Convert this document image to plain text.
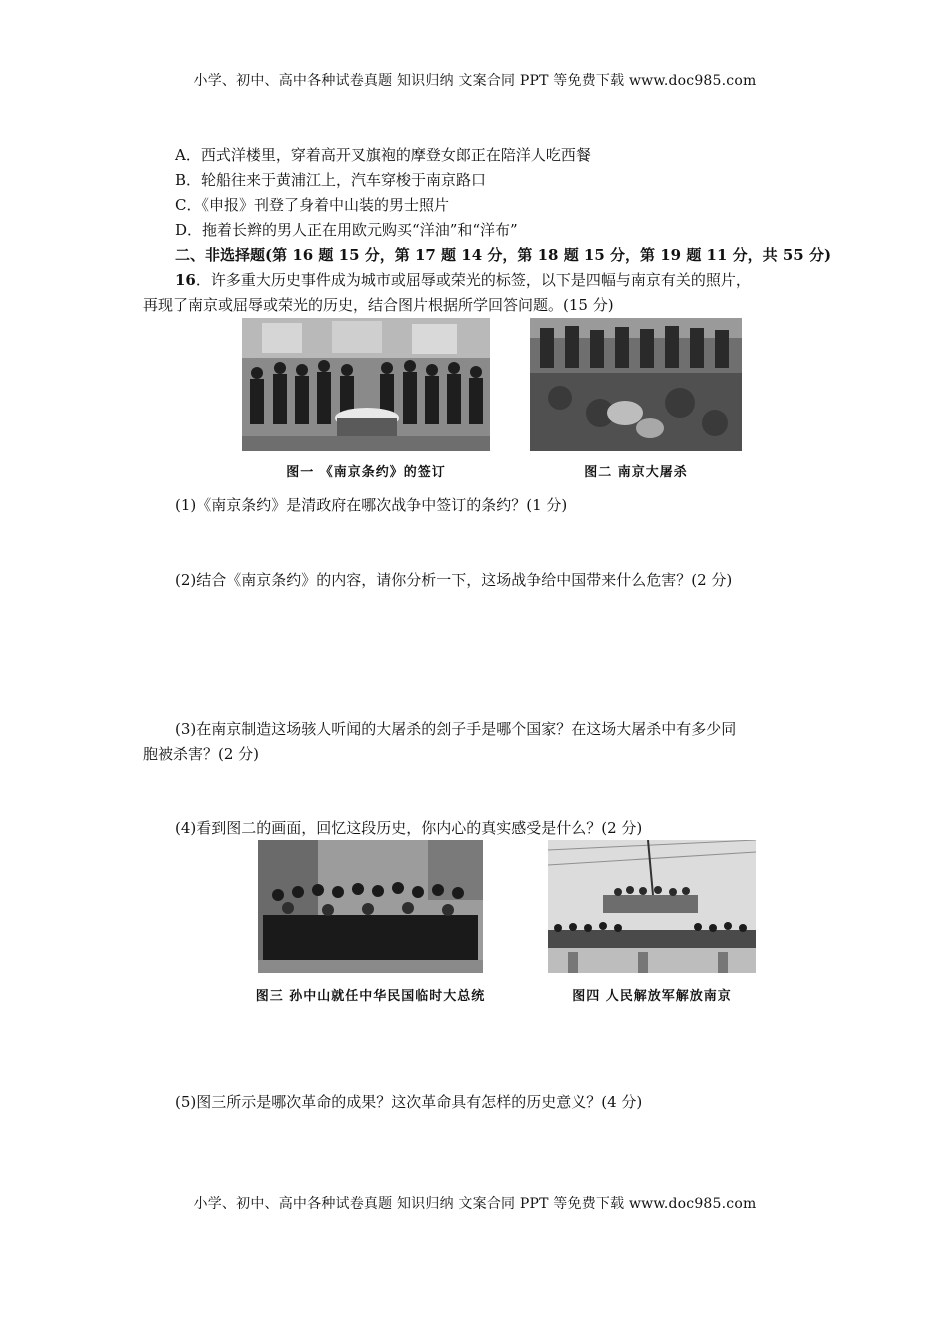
小学、初中、高中各种试卷真题 知识归纳 文案合同 PPT 等免费下载 www.doc985.com
A．西式洋楼里，穿着高开叉旗袍的摩登女郎正在陪洋人吃西餐
B．轮船往来于黄浦江上，汽车穿梭于南京路口
C．《申报》刊登了身着中山装的男士照片
D．拖着长辫的男人正在用欧元购买“洋油”和“洋布”
二、非选择题(第 16 题 15 分，第 17 题 14 分，第 18 题 15 分，第 19 题 11 分，共 55 分)
16．许多重大历史事件成为城市或屈辱或荣光的标签，以下是四幅与南京有关的照片，
再现了南京或屈辱或荣光的历史，结合图片根据所学回答问题。(15 分)
图一 《南京条约》的签订	图二 南京大屠杀
(1)《南京条约》是清政府在哪次战争中签订的条约？(1 分)
(2)结合《南京条约》的内容，请你分析一下，这场战争给中国带来什么危害？(2 分)
(3)在南京制造这场骇人听闻的大屠杀的刽子手是哪个国家？在这场大屠杀中有多少同
胞被杀害？(2 分)
(4)看到图二的画面，回忆这段历史，你内心的真实感受是什么？(2 分)
图三 孙中山就任中华民国临时大总统	图四 人民解放军解放南京
(5)图三所示是哪次革命的成果？这次革命具有怎样的历史意义？(4 分)
小学、初中、高中各种试卷真题 知识归纳 文案合同 PPT 等免费下载 www.doc985.com
